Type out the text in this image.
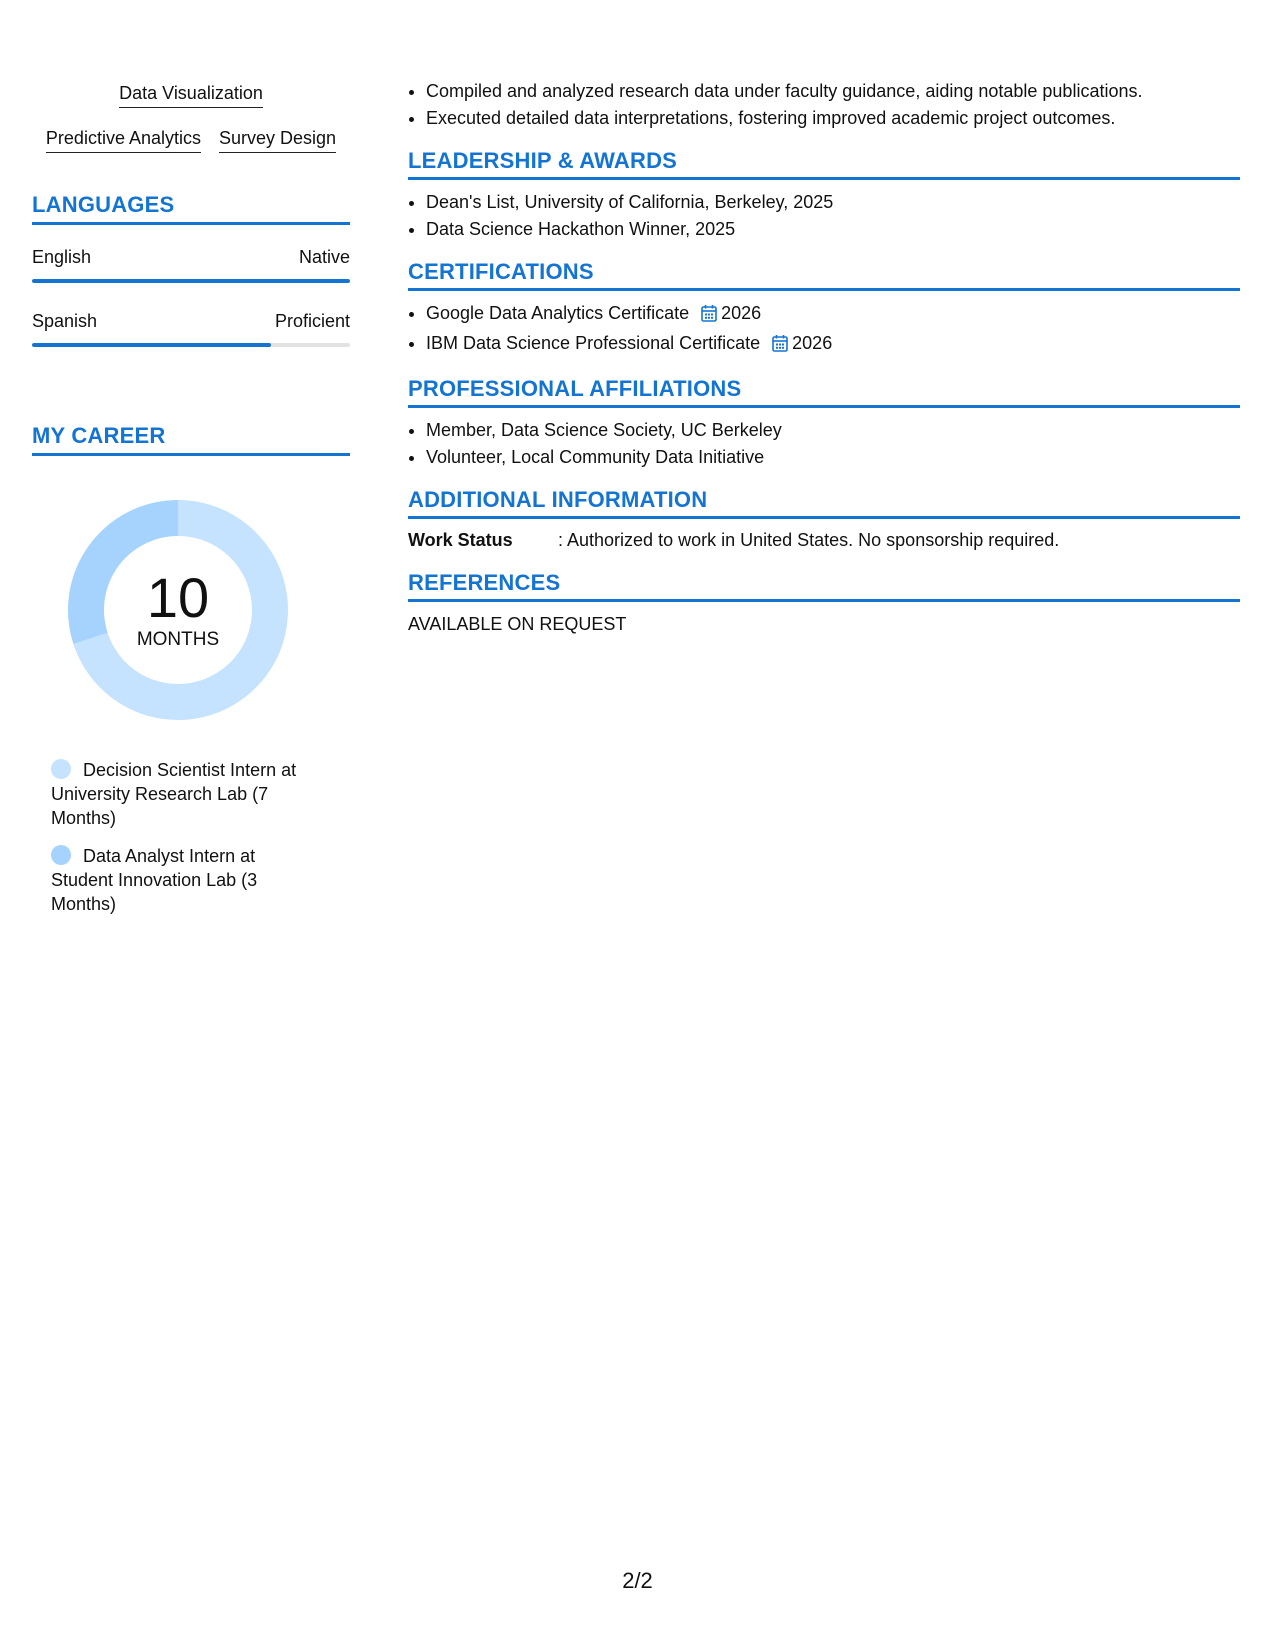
Data Visualization
Predictive Analytics Survey Design
LANGUAGES
English	Native
Spanish	Proficient
MY CAREER
10
MONTHS
Decision Scientist Intern at University Research Lab (7 Months)
Data Analyst Intern at Student Innovation Lab (3 Months)
• Compiled and analyzed research data under faculty guidance, aiding notable publications.
• Executed detailed data interpretations, fostering improved academic project outcomes.
LEADERSHIP & AWARDS
• Dean's List, University of California, Berkeley, 2025
• Data Science Hackathon Winner, 2025
CERTIFICATIONS
• Google Data Analytics Certificate 2026
• IBM Data Science Professional Certificate 2026
PROFESSIONAL AFFILIATIONS
• Member, Data Science Society, UC Berkeley
• Volunteer, Local Community Data Initiative
ADDITIONAL INFORMATION
Work Status	: Authorized to work in United States. No sponsorship required.
REFERENCES
AVAILABLE ON REQUEST
2/2
